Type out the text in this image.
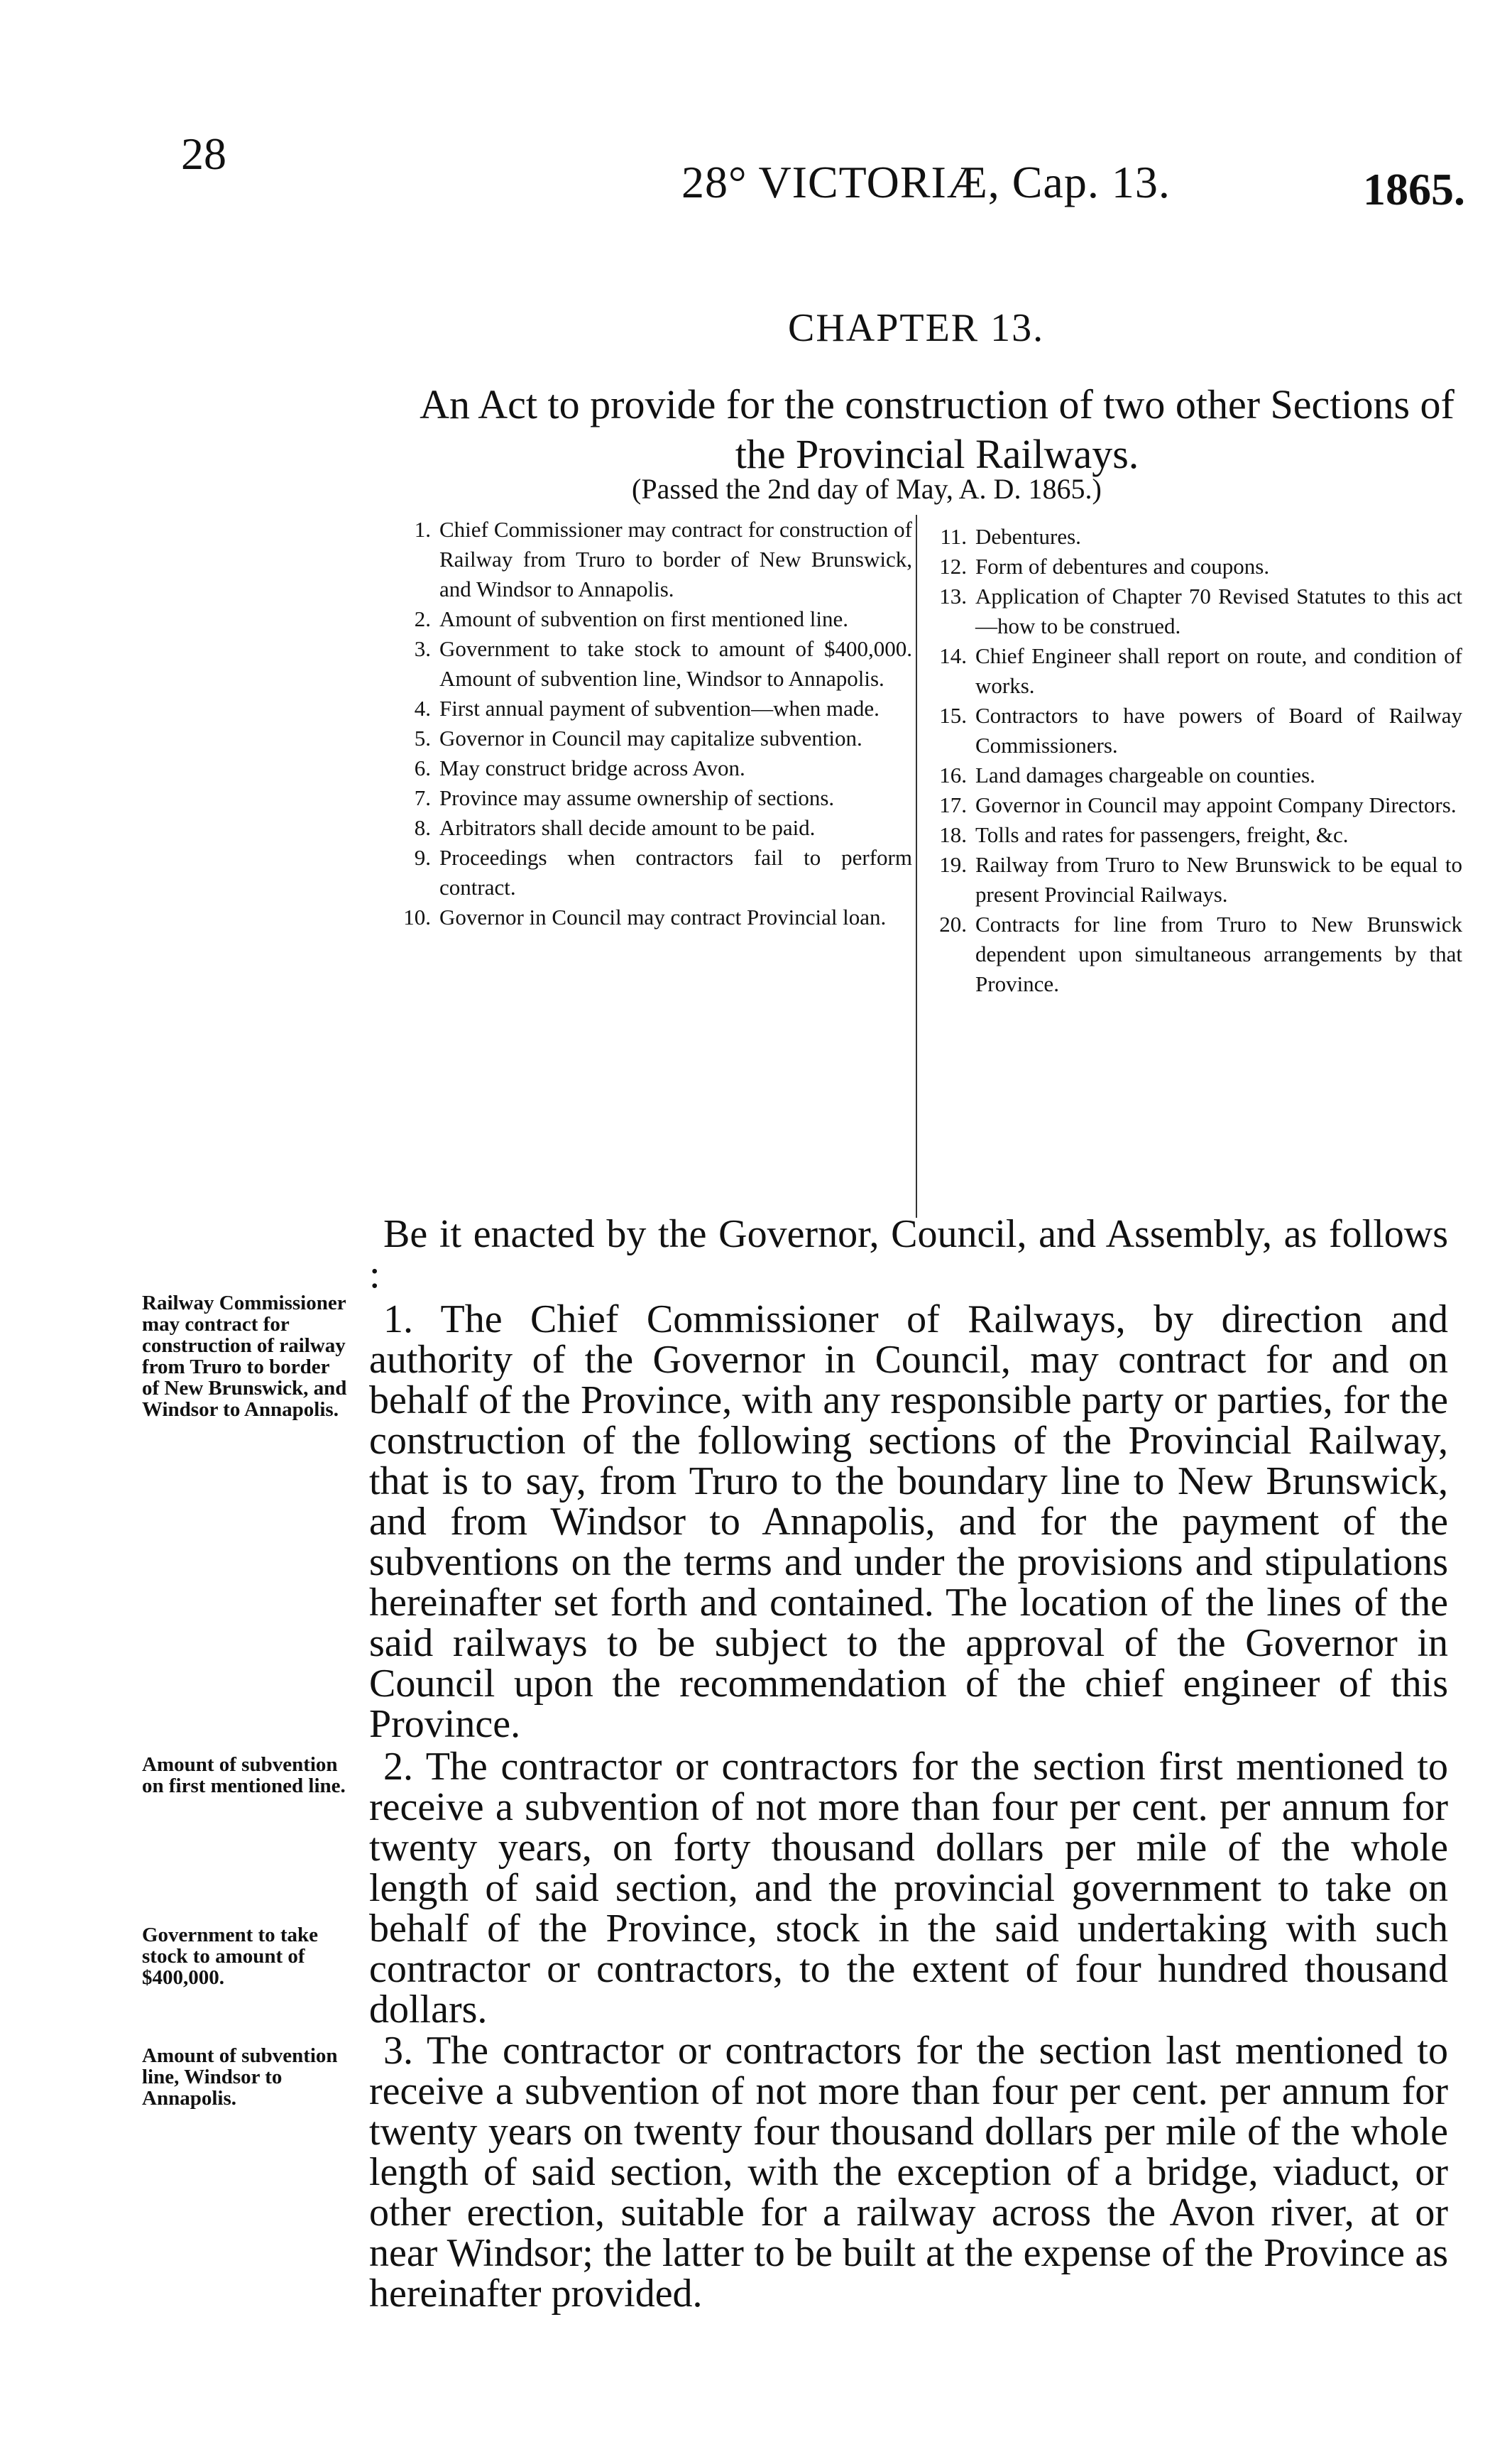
28
28° VICTORIÆ, Cap. 13.	1865.
CHAPTER 13.
An Act to provide for the construction of two other Sections of the Provincial Railways.
(Passed the 2nd day of May, A. D. 1865.)
1. Chief Commissioner may contract for construction of Railway from Truro to border of New Brunswick, and Windsor to Annapolis.
2. Amount of subvention on first mentioned line.
3. Government to take stock to amount of $400,000. Amount of subvention line, Windsor to Annapolis.
4. First annual payment of subvention—when made.
5. Governor in Council may capitalize subvention.
6. May construct bridge across Avon.
7. Province may assume ownership of sections.
8. Arbitrators shall decide amount to be paid.
9. Proceedings when contractors fail to perform contract.
10. Governor in Council may contract Provincial loan.
11. Debentures.
12. Form of debentures and coupons.
13. Application of Chapter 70 Revised Statutes to this act—how to be construed.
14. Chief Engineer shall report on route, and condition of works.
15. Contractors to have powers of Board of Railway Commissioners.
16. Land damages chargeable on counties.
17. Governor in Council may appoint Company Directors.
18. Tolls and rates for passengers, freight, &c.
19. Railway from Truro to New Brunswick to be equal to present Provincial Railways.
20. Contracts for line from Truro to New Brunswick dependent upon simultaneous arrangements by that Province.

Be it enacted by the Governor, Council, and Assembly, as follows :

1. The Chief Commissioner of Railways, by direction and authority of the Governor in Council, may contract for and on behalf of the Province, with any responsible party or parties, for the construction of the following sections of the Provincial Railway, that is to say, from Truro to the boundary line to New Brunswick, and from Windsor to Annapolis, and for the payment of the subventions on the terms and under the provisions and stipulations hereinafter set forth and contained. The location of the lines of the said railways to be subject to the approval of the Governor in Council upon the recommendation of the chief engineer of this Province.

2. The contractor or contractors for the section first mentioned to receive a subvention of not more than four per cent. per annum for twenty years, on forty thousand dollars per mile of the whole length of said section, and the provincial government to take on behalf of the Province, stock in the said undertaking with such contractor or contractors, to the extent of four hundred thousand dollars.

3. The contractor or contractors for the section last mentioned to receive a subvention of not more than four per cent. per annum for twenty years on twenty four thousand dollars per mile of the whole length of said section, with the exception of a bridge, viaduct, or other erection, suitable for a railway across the Avon river, at or near Windsor; the latter to be built at the expense of the Province as hereinafter provided.

Railway Commissioner may contract for construction of railway from Truro to border of New Brunswick, and Windsor to Annapolis.
Amount of subvention on first mentioned line.
Government to take stock to amount of $400,000.
Amount of subvention line, Windsor to Annapolis.
